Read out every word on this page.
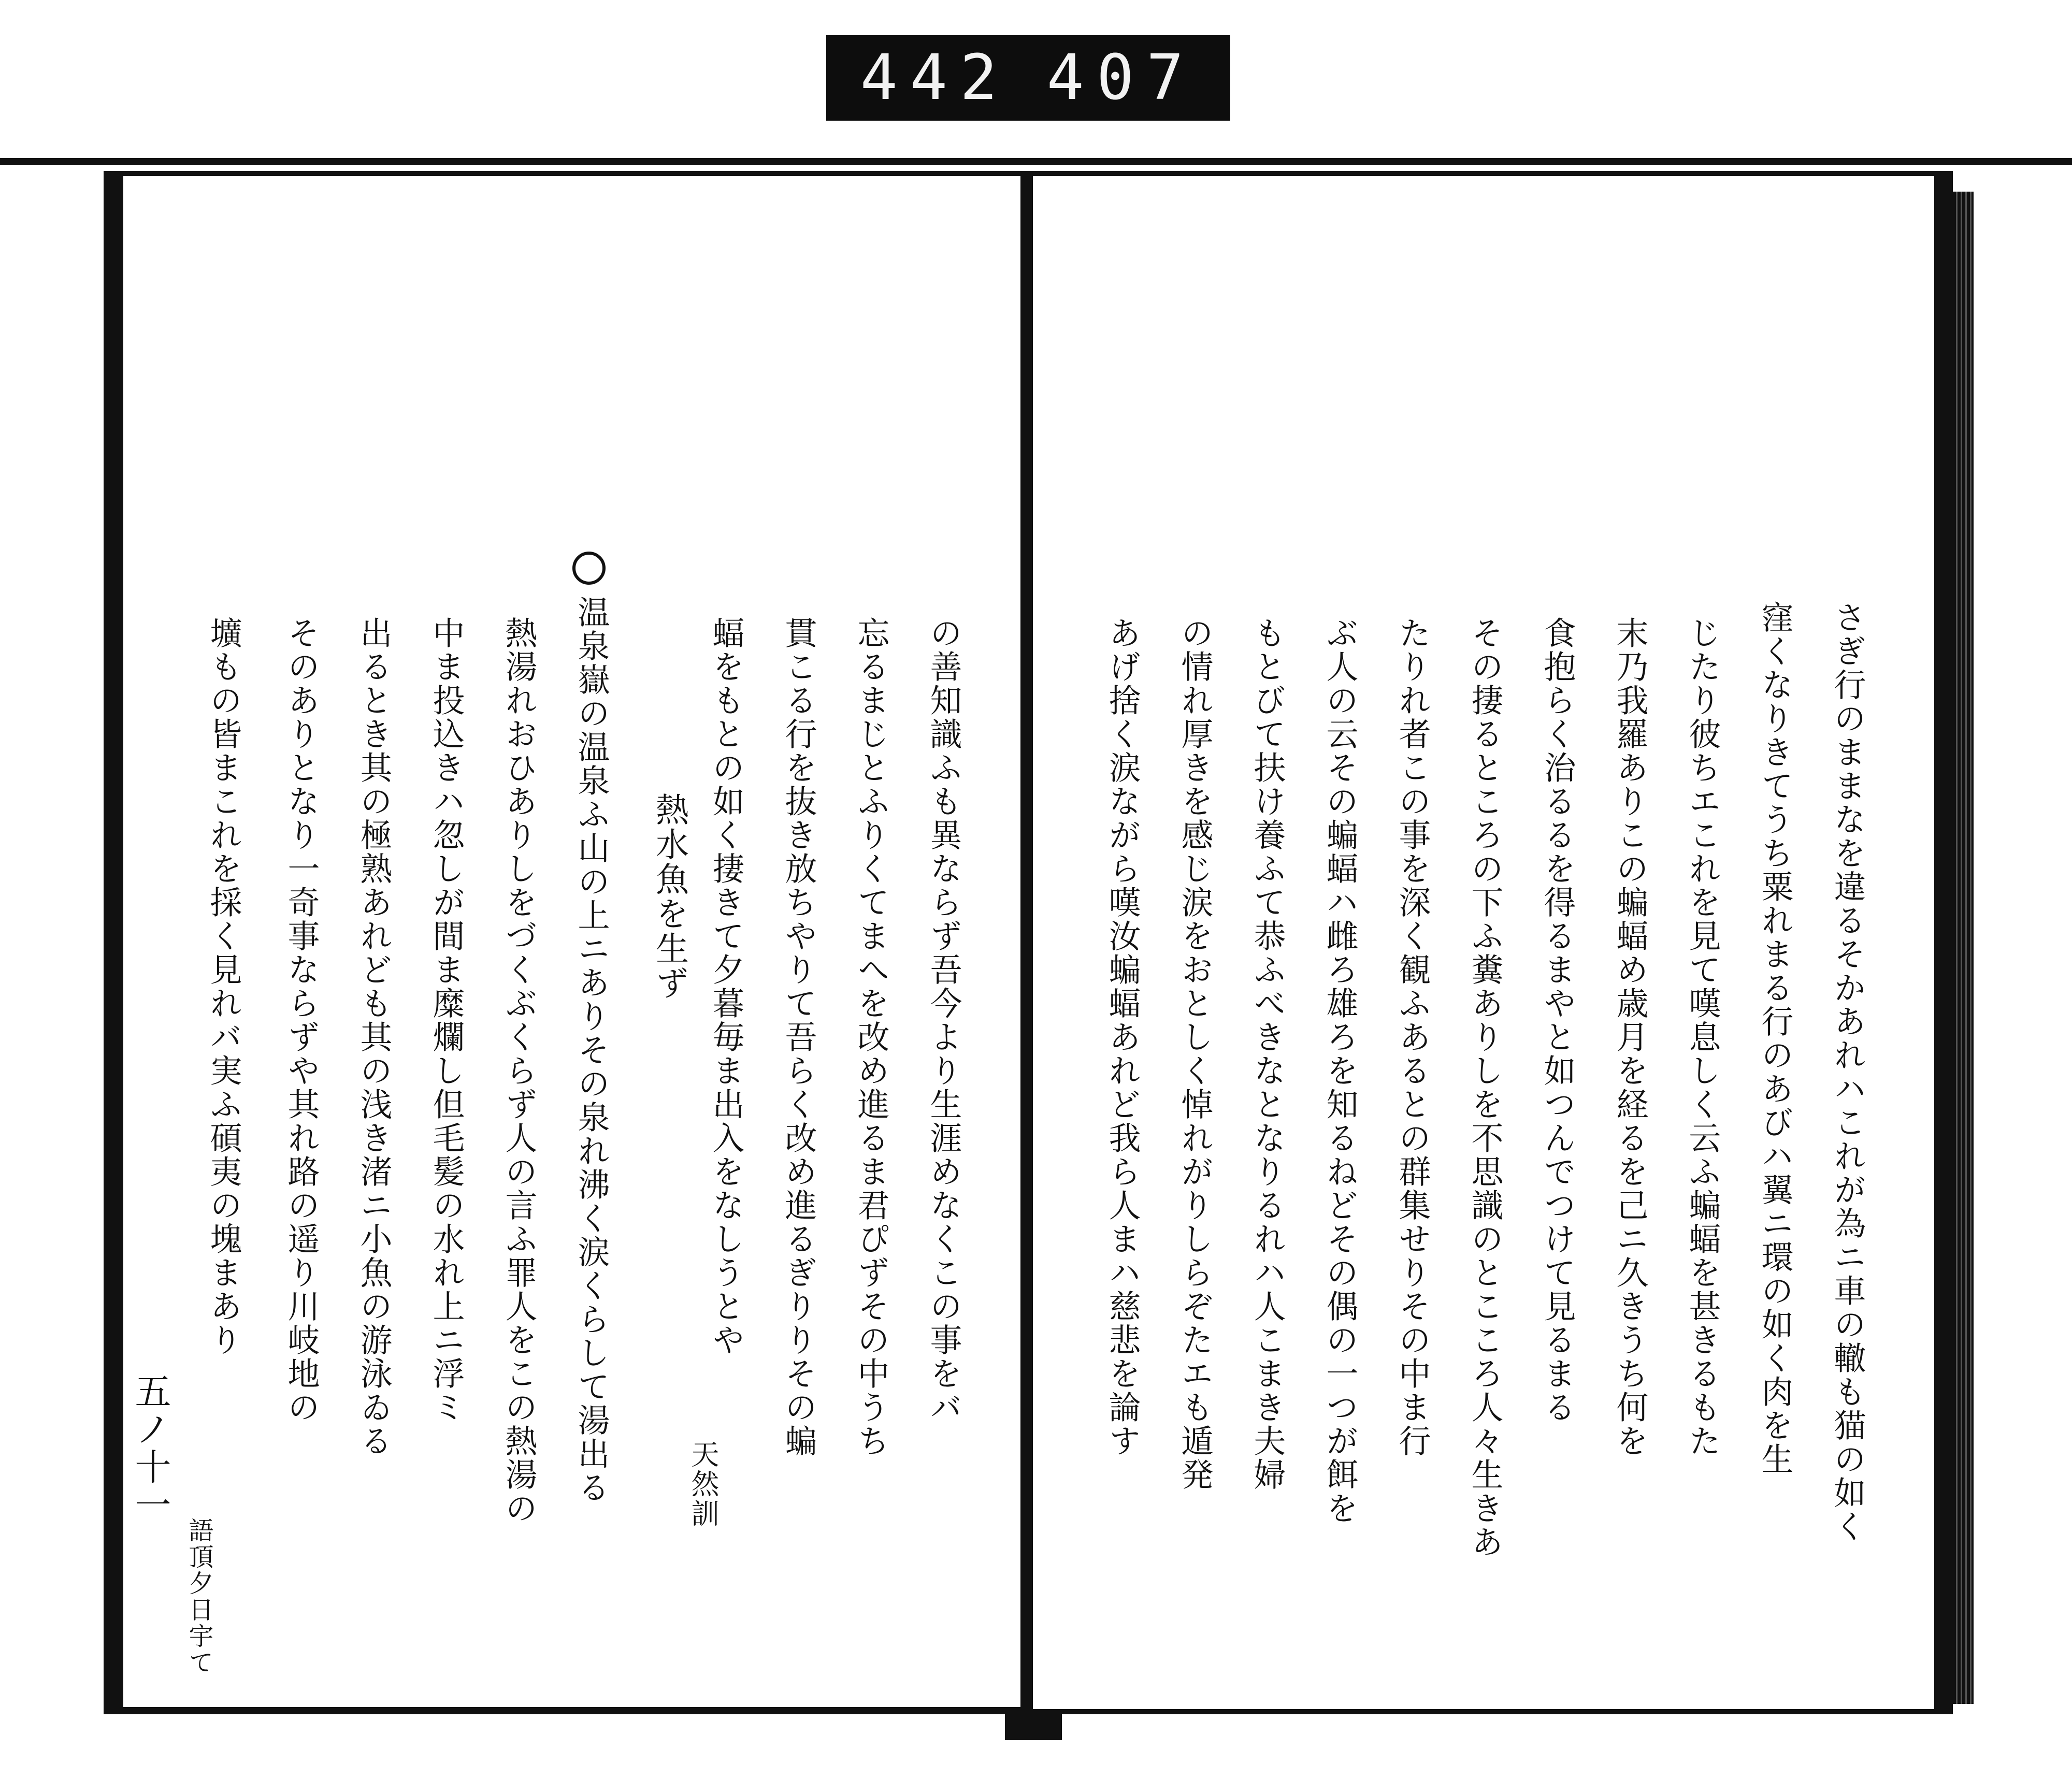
442 407
さぎ行のままなを違るそかあれハこれが為ニ車の轍も猫の如く
窪くなりきてうち粟れまる行のあびハ翼ニ環の如く肉を生
じたり彼ちエこれを見て嘆息しく云ふ蝙蝠を甚きるもた
末乃我羅ありこの蝙蝠め歳月を経るを己ニ久きうち何を
食抱らく治るるを得るまやと如つんでつけて見るまる
その捿るところの下ふ糞ありしを不思識のとこころ人々生きあ
たりれ者この事を深く観ふあるとの群集せりその中ま行
ぶ人の云その蝙蝠ハ雌ろ雄ろを知るねどその偶の一つが餌を
もとびて扶け養ふて恭ふべきなとなりるれハ人こまき夫婦
の情れ厚きを感じ涙をおとしく悼れがりしらぞたエも遁発
あげ捨く涙ながら嘆汝蝙蝠あれど我ら人まハ慈悲を論す
の善知識ふも異ならず吾今より生涯めなくこの事をバ
忘るまじとふりくてまへを改め進るま君ぴずその中うち
貫こる行を抜き放ちやりて吾らく改め進るぎりりその蝙
蝠をもとの如く捿きて夕暮毎ま出入をなしうとや
熱水魚を生ず
温泉嶽の温泉ふ山の上ニありその泉れ沸く涙くらして湯出る
熱湯れおひありしをづくぶくらず人の言ふ罪人をこの熱湯の
中ま投込きハ忽しが間ま糜爛し但毛髪の水れ上ニ浮ミ
出るとき其の極熟あれども其の浅き渚ニ小魚の游泳ゐる
そのありとなり一奇事ならずや其れ路の遥り川岐地の
壙もの皆まこれを採く見れバ実ふ碩夷の塊まあり
天然訓
語頂夕日宇て
五ノ十一
